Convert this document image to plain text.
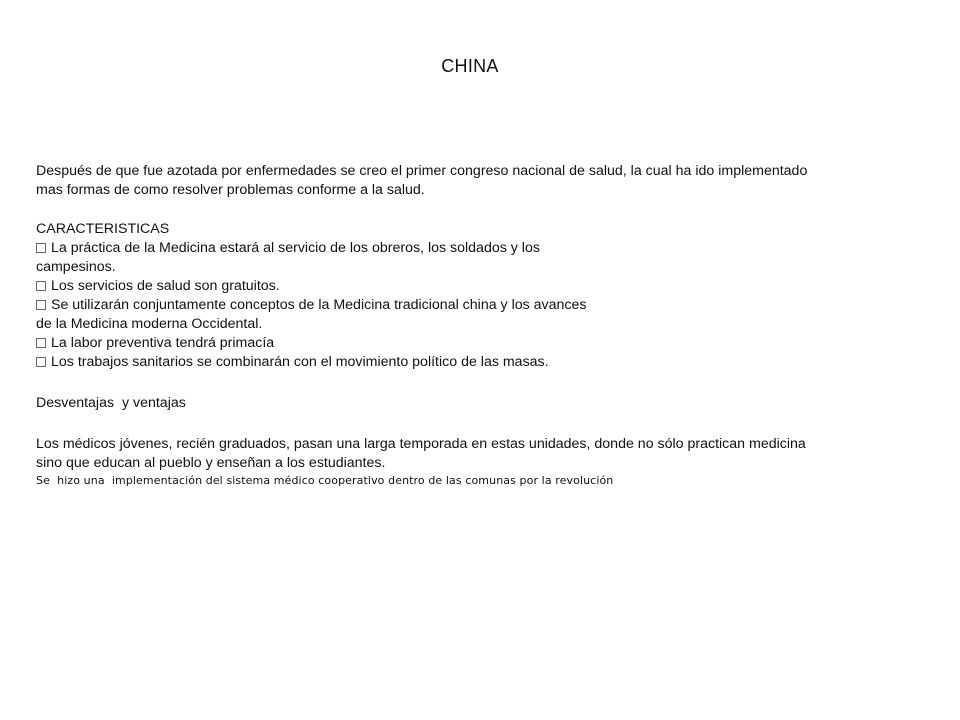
CHINA

Después de que fue azotada por enfermedades se creo el primer congreso nacional de salud, la cual ha ido implementado

mas formas de como resolver problemas conforme a la salud.

CARACTERISTICAS

La práctica de la Medicina estará al servicio de los obreros, los soldados y los

campesinos.

Los servicios de salud son gratuitos.

Se utilizarán conjuntamente conceptos de la Medicina tradicional china y los avances

de la Medicina moderna Occidental.

La labor preventiva tendrá primacía

Los trabajos sanitarios se combinarán con el movimiento político de las masas.

Desventajas  y ventajas

Los médicos jóvenes, recién graduados, pasan una larga temporada en estas unidades, donde no sólo practican medicina

sino que educan al pueblo y enseñan a los estudiantes.

Se  hizo una  implementación del sistema médico cooperativo dentro de las comunas por la revolución
